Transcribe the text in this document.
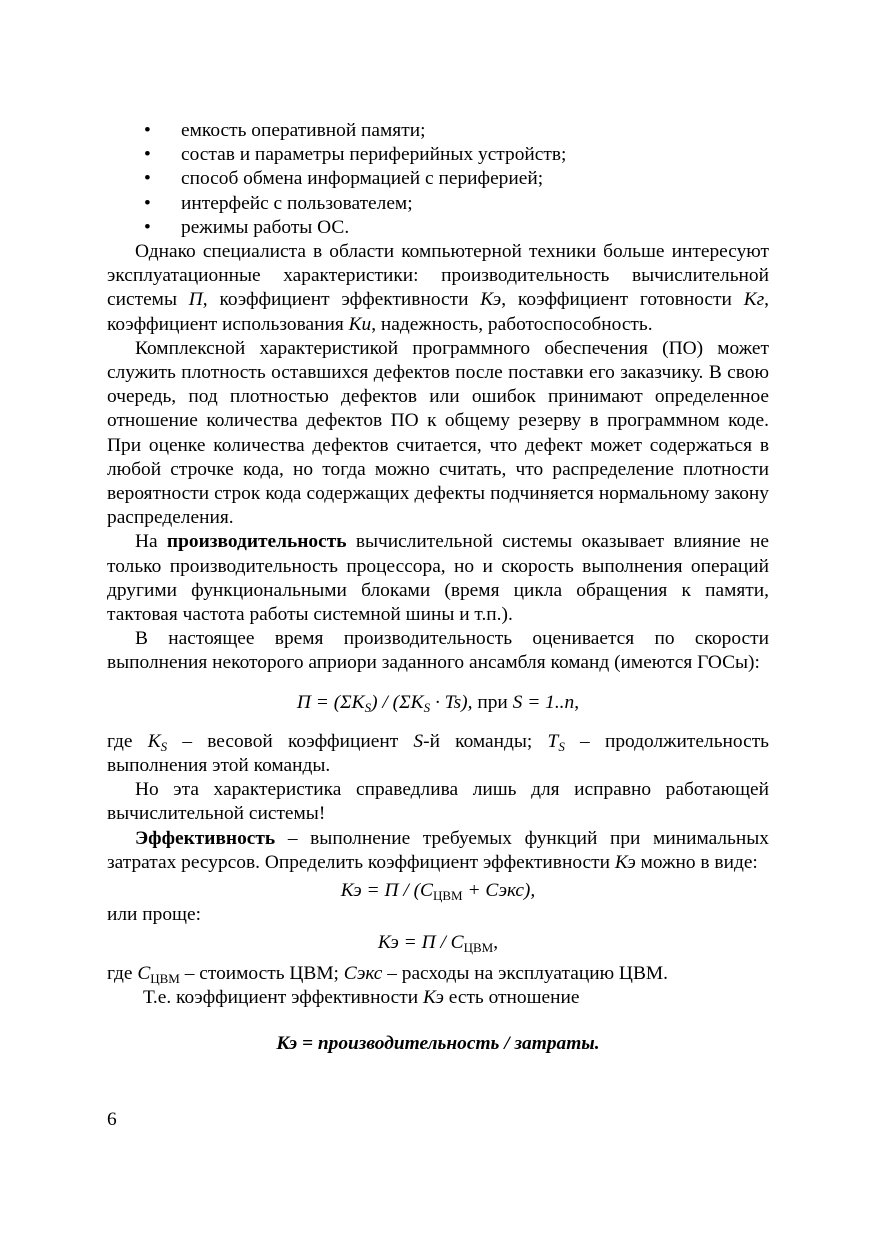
• емкость оперативной памяти;
• состав и параметры периферийных устройств;
• способ обмена информацией с периферией;
• интерфейс с пользователем;
• режимы работы ОС.

Однако специалиста в области компьютерной техники больше интересуют эксплуатационные характеристики: производительность вычислительной системы П, коэффициент эффективности Кэ, коэффициент готовности Кг, коэффициент использования Ки, надежность, работоспособность.

Комплексной характеристикой программного обеспечения (ПО) может служить плотность оставшихся дефектов после поставки его заказчику. В свою очередь, под плотностью дефектов или ошибок принимают определенное отношение количества дефектов ПО к общему резерву в программном коде. При оценке количества дефектов считается, что дефект может содержаться в любой строчке кода, но тогда можно считать, что распределение плотности вероятности строк кода содержащих дефекты подчиняется нормальному закону распределения.

На производительность вычислительной системы оказывает влияние не только производительность процессора, но и скорость выполнения операций другими функциональными блоками (время цикла обращения к памяти, тактовая частота работы системной шины и т.п.).

В настоящее время производительность оценивается по скорости выполнения некоторого априори заданного ансамбля команд (имеются ГОСы):

$П = (\Sigma K_S) / (\Sigma K_S \cdot Ts)$, при S = 1..n,

где $K_S$ – весовой коэффициент S-й команды; $T_S$ – продолжительность выполнения этой команды.

Но эта характеристика справедлива лишь для исправно работающей вычислительной системы!

Эффективность – выполнение требуемых функций при минимальных затратах ресурсов. Определить коэффициент эффективности Кэ можно в виде:

Кэ = П / ($С_{ЦВМ}$ + Сэкс),

или проще:

Кэ = П / $С_{ЦВМ}$,

где $С_{ЦВМ}$ – стоимость ЦВМ; Сэкс – расходы на эксплуатацию ЦВМ.

Т.е. коэффициент эффективности Кэ есть отношение

Кэ = производительность / затраты.
6
